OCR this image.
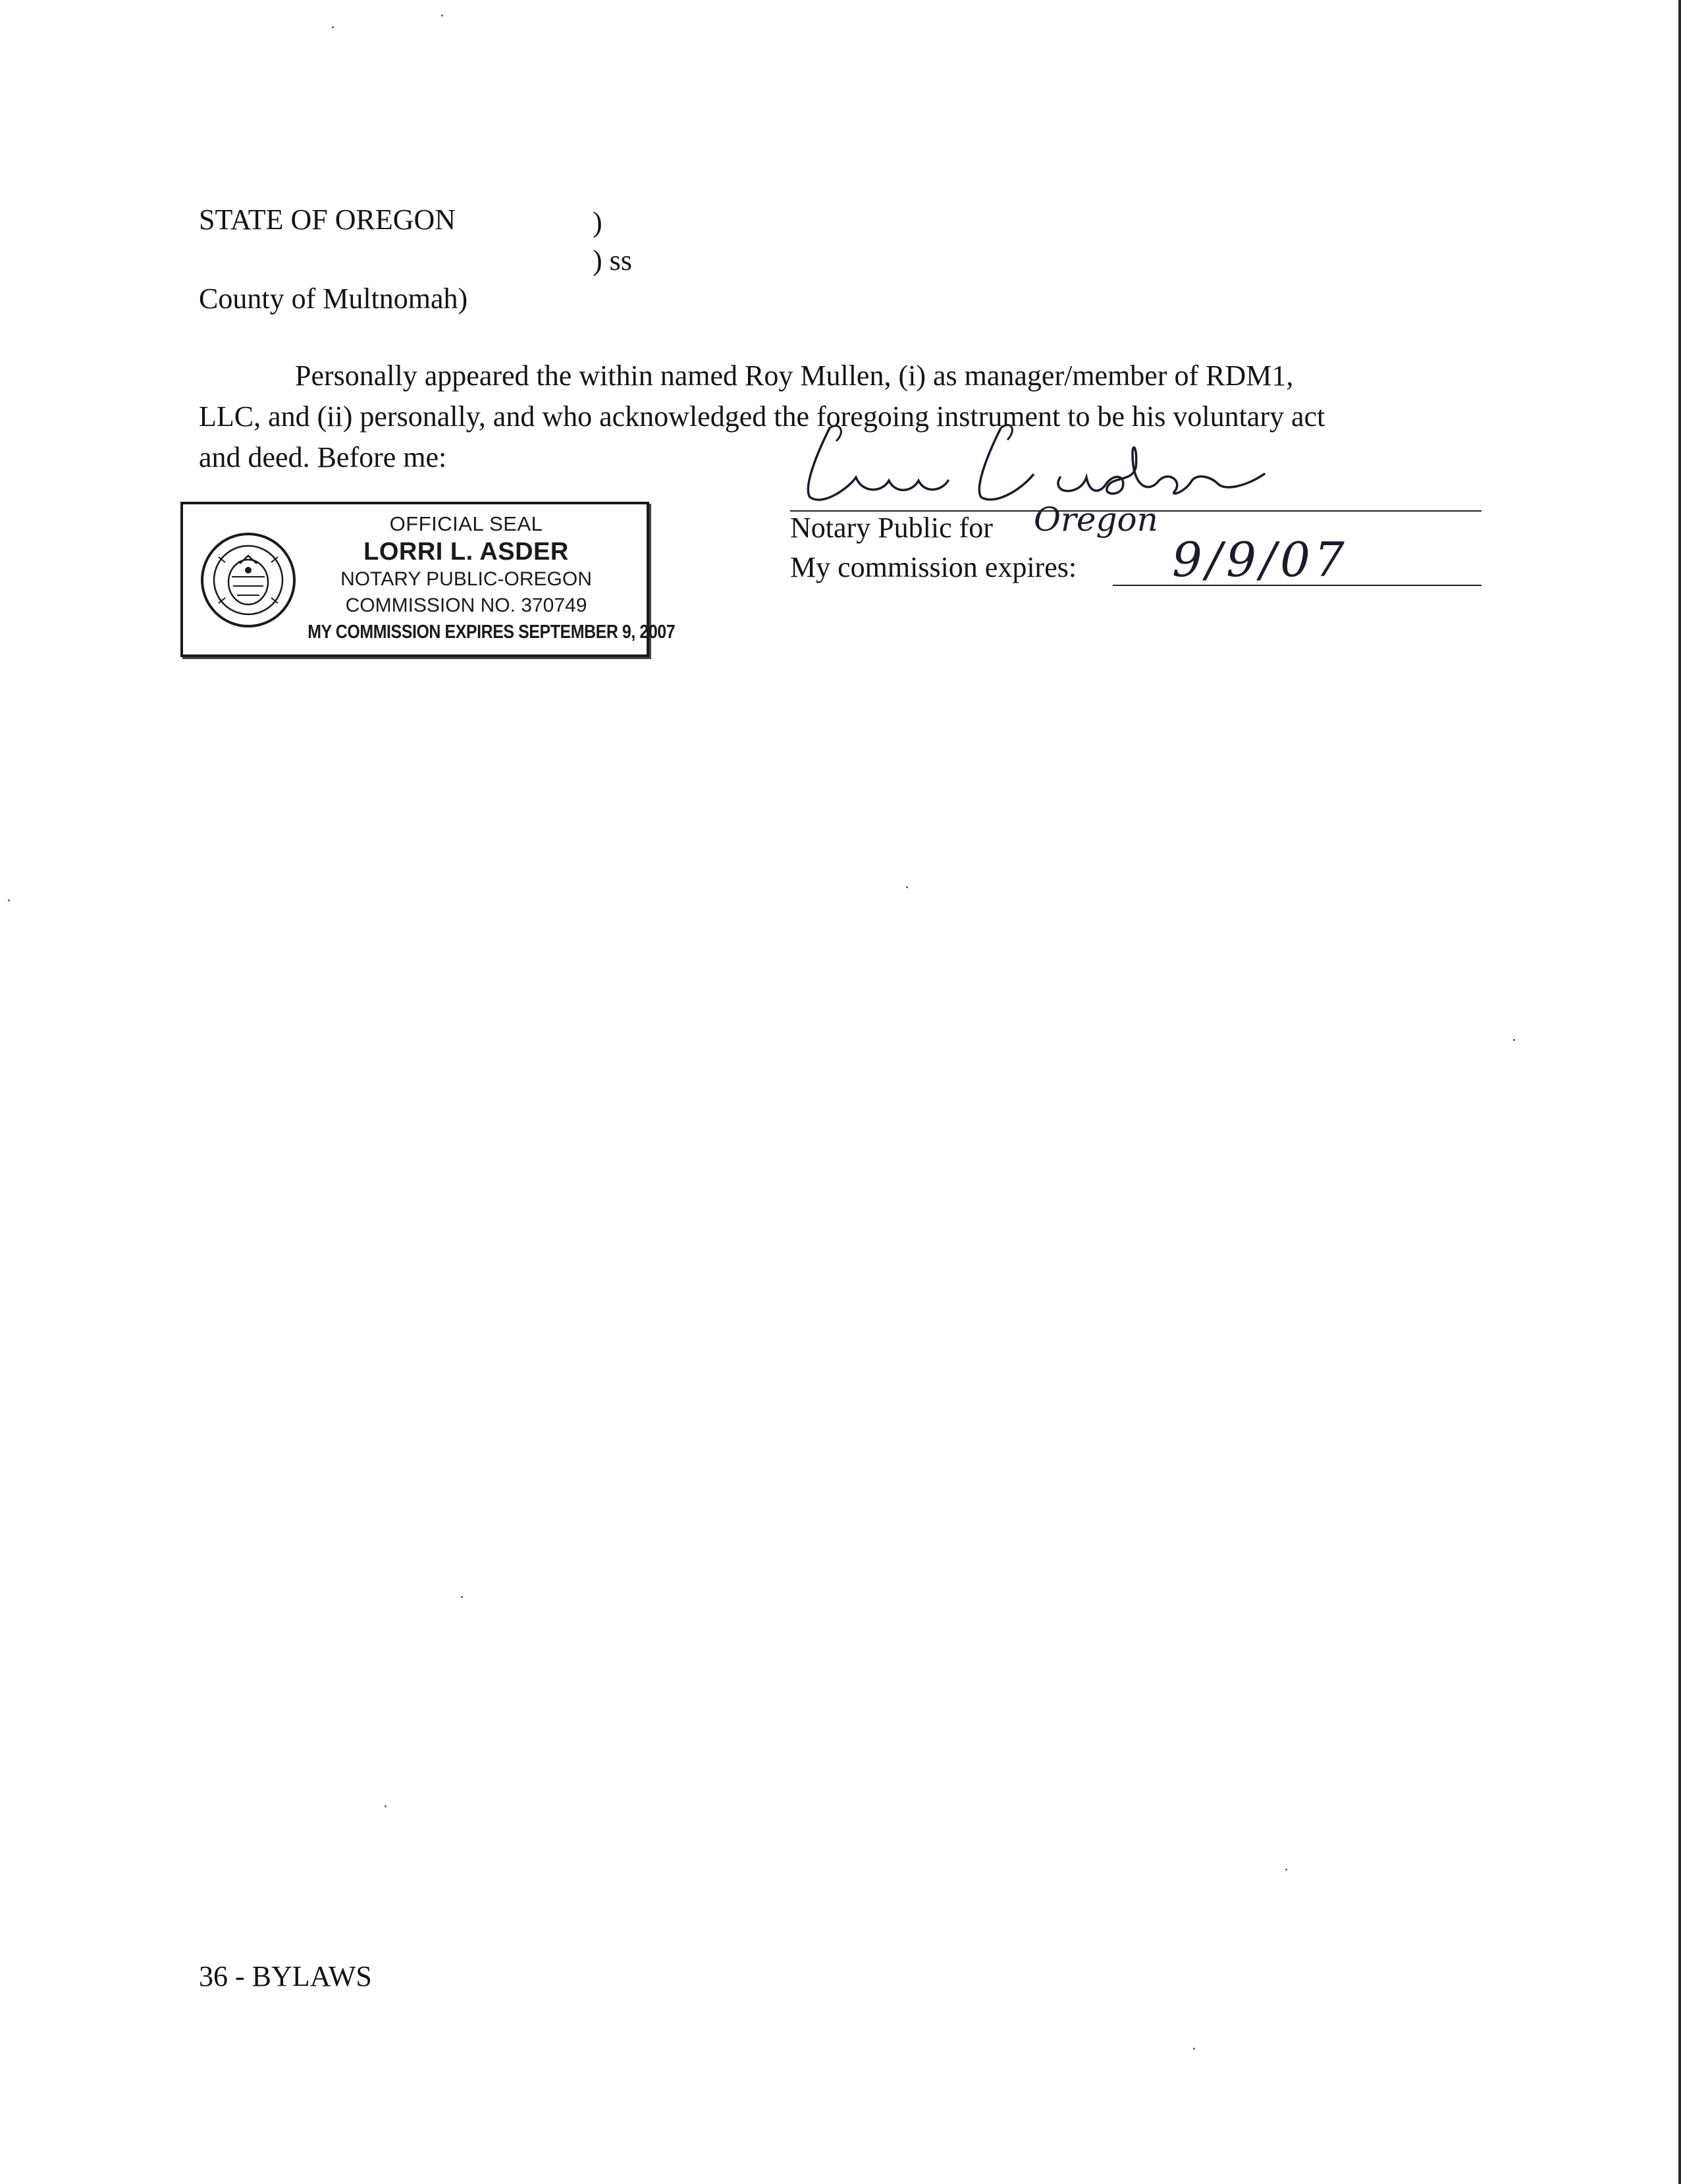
STATE OF OREGON	)
) ss
County of Multnomah)
Personally appeared the within named Roy Mullen, (i) as manager/member of RDM1,
LLC, and (ii) personally, and who acknowledged the foregoing instrument to be his voluntary act
and deed. Before me:
Notary Public for Oregon
My commission expires: 9/9/07
OFFICIAL SEAL
LORRI L. ASDER
NOTARY PUBLIC-OREGON
COMMISSION NO. 370749
MY COMMISSION EXPIRES SEPTEMBER 9, 2007
36 - BYLAWS
